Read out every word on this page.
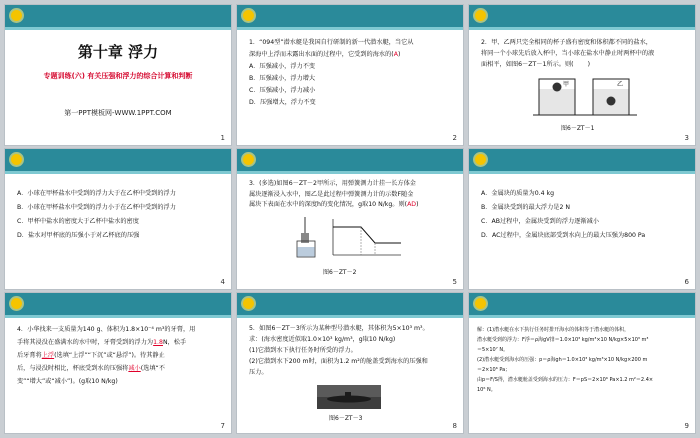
第十章 浮力
专题训练(六) 有关压强和浮力的综合计算和判断
第一PPT模板网-WWW.1PPT.COM
1

1．“094型”潜水艇是我国自行研制的新一代潜水艇，当它从

深海中上浮而未露出水面的过程中，它受到的海水的(A)

A．压强减小，浮力不变

B．压强减小，浮力增大

C．压强减小，浮力减小

D．压强增大，浮力不变

2

2．甲、乙两只完全相同的杯子盛有密度和体积都不同的盐水，

将同一个小球先后放入杯中，当小球在盐水中静止时两杯中的液

面相平，如图6－ZT－1所示。则( )

甲	乙
图6－ZT－1
3

A．小球在甲杯盐水中受到的浮力大于在乙杯中受到的浮力

B．小球在甲杯盐水中受到的浮力小于在乙杯中受到的浮力

C．甲杯中盐水的密度大于乙杯中盐水的密度

D．盐水对甲杯底的压强小于对乙杯底的压强

4

3．(多选)如图6－ZT－2甲所示，用弹簧测力计挂一长方体金

属块逐渐浸入水中，图乙是此过程中弹簧测力计的示数F随金

属块下表面在水中的深度h的变化情况，g取10 N/kg。则(AD)

图6－ZT－2
5

A．金属块的质量为0.4 kg

B．金属块受到的最大浮力是2 N

C．AB过程中，金属块受到的浮力逐渐减小

D．AC过程中，金属块底部受到水向上的最大压强为800 Pa

6

4．小华找来一支质量为140 g、体积为1.8×10⁻⁴ m³的牙膏，用

手将其浸没在盛满水的水中时，牙膏受到的浮力为1.8N，松手

后牙膏将上浮(选填“上浮”“下沉”或“悬浮”)。待其静止

后，与浸没时相比，杯底受到水的压强将减小(选填“不

变”“增大”或“减小”)。(g取10 N/kg)

7

5．如图6－ZT－3所示为某种型号潜水艇，其体积为5×10³ m³。

求：(海水密度近似取1.0×10³ kg/m³，g取10 N/kg)

(1)它潜到水下执行任务时所受的浮力。

(2)它潜到水下200 m时，面积为1.2 m²的舱盖受到海水的压强和

压力。

图6－ZT－3
8

解：(1)潜水艇在水下执行任务时排开海水的体积等于潜水艇的体积，

潜水艇受到的浮力：F浮＝ρ海gV排＝1.0×10³ kg/m³×10 N/kg×5×10³ m³

＝5×10⁷ N。

(2)潜水艇受到海水的压强：p＝ρ海gh＝1.0×10³ kg/m³×10 N/kg×200 m

＝2×10⁶ Pa；

由p＝F/S得，潜水艇舱盖受到海水的压力：F＝pS＝2×10⁶ Pa×1.2 m²＝2.4×

10⁶ N。

9
